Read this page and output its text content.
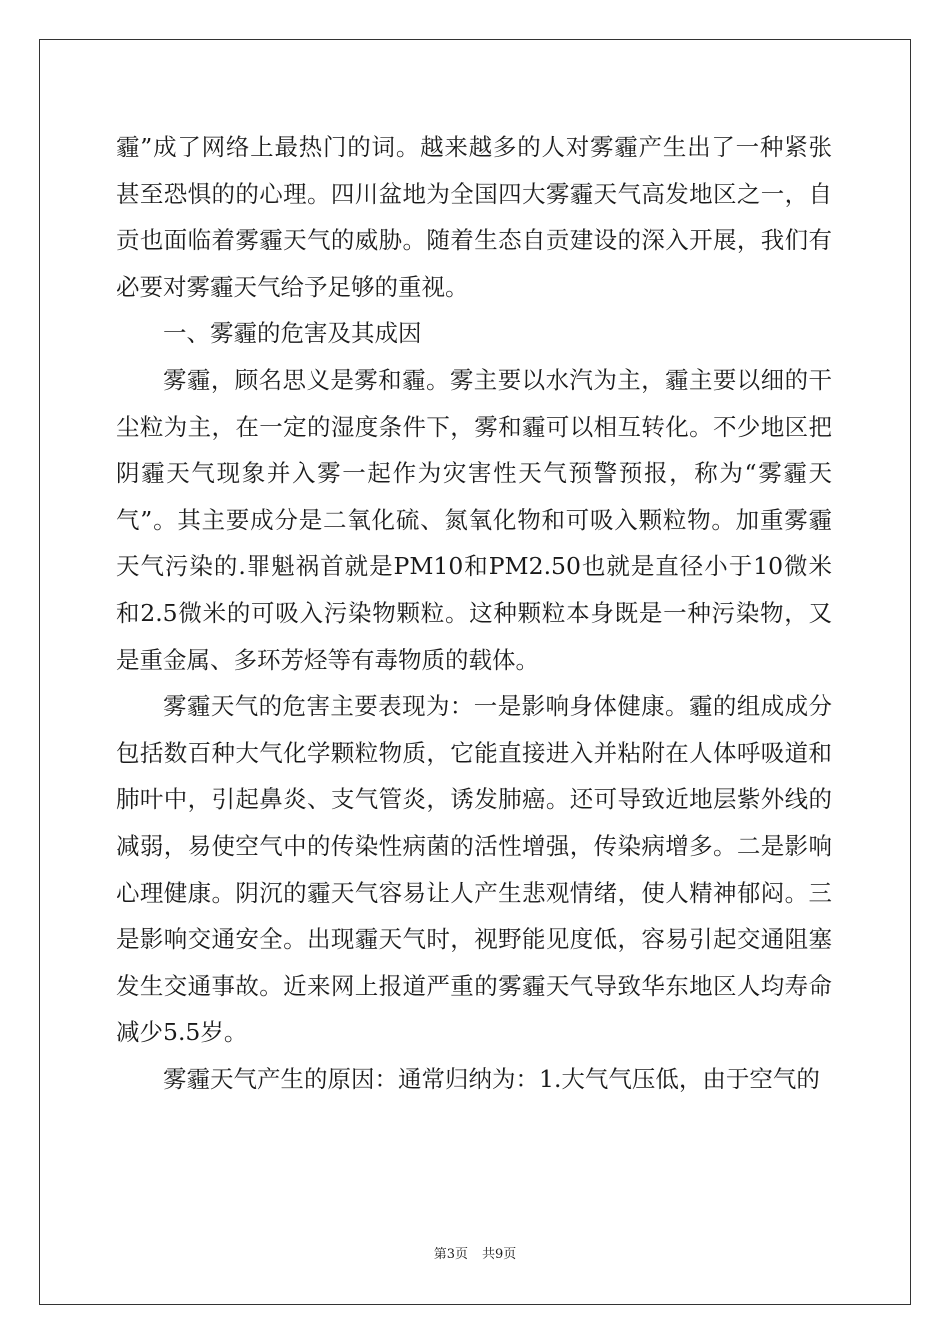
霾”成了网络上最热门的词。越来越多的人对雾霾产生出了一种紧张甚至恐惧的的心理。四川盆地为全国四大雾霾天气高发地区之一，自贡也面临着雾霾天气的威胁。随着生态自贡建设的深入开展，我们有必要对雾霾天气给予足够的重视。

一、雾霾的危害及其成因

雾霾，顾名思义是雾和霾。雾主要以水汽为主，霾主要以细的干尘粒为主，在一定的湿度条件下，雾和霾可以相互转化。不少地区把阴霾天气现象并入雾一起作为灾害性天气预警预报，称为“雾霾天气”。其主要成分是二氧化硫、氮氧化物和可吸入颗粒物。加重雾霾天气污染的.罪魁祸首就是PM10和PM2.50也就是直径小于10微米和2.5微米的可吸入污染物颗粒。这种颗粒本身既是一种污染物，又是重金属、多环芳烃等有毒物质的载体。

雾霾天气的危害主要表现为：一是影响身体健康。霾的组成成分包括数百种大气化学颗粒物质，它能直接进入并粘附在人体呼吸道和肺叶中，引起鼻炎、支气管炎，诱发肺癌。还可导致近地层紫外线的减弱，易使空气中的传染性病菌的活性增强，传染病增多。二是影响心理健康。阴沉的霾天气容易让人产生悲观情绪，使人精神郁闷。三是影响交通安全。出现霾天气时，视野能见度低，容易引起交通阻塞发生交通事故。近来网上报道严重的雾霾天气导致华东地区人均寿命减少5.5岁。

雾霾天气产生的原因：通常归纳为：1.大气气压低，由于空气的

第3页 共9页
